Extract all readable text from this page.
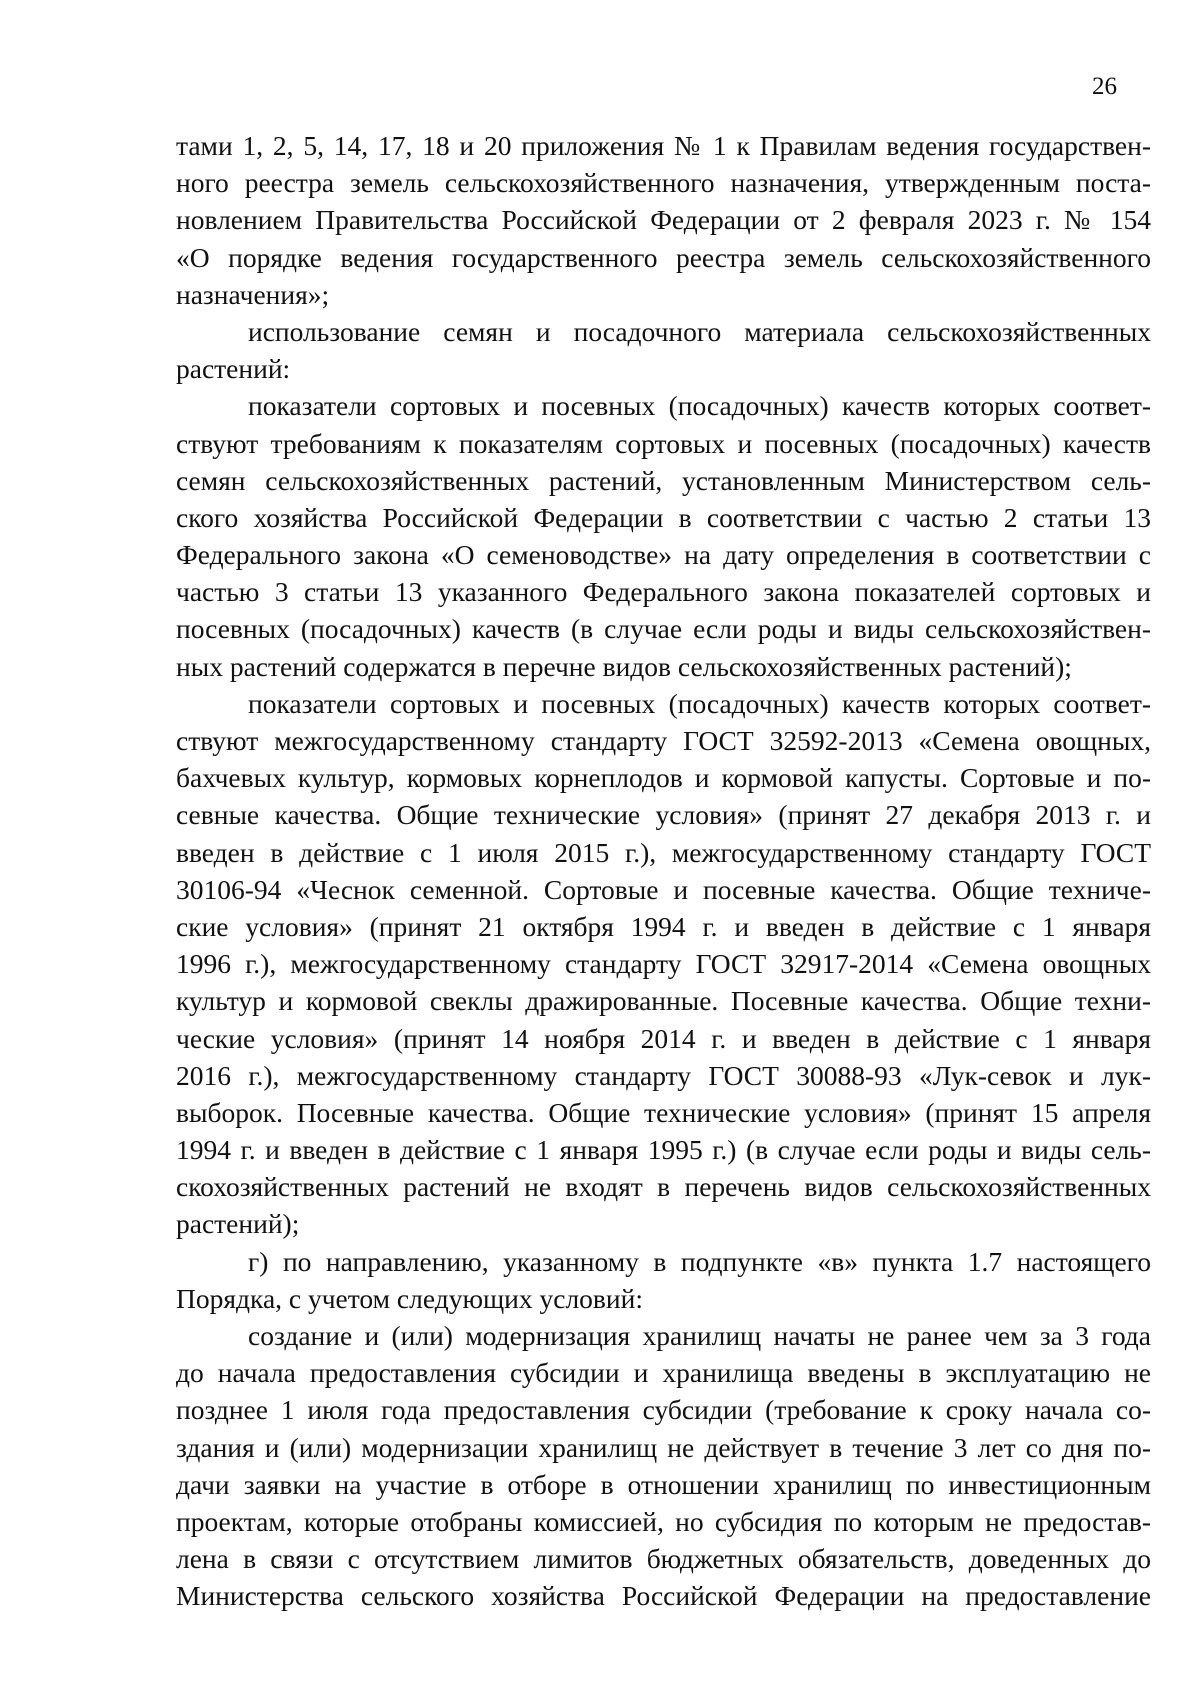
26
тами 1, 2, 5, 14, 17, 18 и 20 приложения № 1 к Правилам ведения государствен-
ного реестра земель сельскохозяйственного назначения, утвержденным поста-
новлением Правительства Российской Федерации от 2 февраля 2023 г. № 154
«О порядке ведения государственного реестра земель сельскохозяйственного
назначения»;
использование семян и посадочного материала сельскохозяйственных
растений:
показатели сортовых и посевных (посадочных) качеств которых соответ-
ствуют требованиям к показателям сортовых и посевных (посадочных) качеств
семян сельскохозяйственных растений, установленным Министерством сель-
ского хозяйства Российской Федерации в соответствии с частью 2 статьи 13
Федерального закона «О семеноводстве» на дату определения в соответствии с
частью 3 статьи 13 указанного Федерального закона показателей сортовых и
посевных (посадочных) качеств (в случае если роды и виды сельскохозяйствен-
ных растений содержатся в перечне видов сельскохозяйственных растений);
показатели сортовых и посевных (посадочных) качеств которых соответ-
ствуют межгосударственному стандарту ГОСТ 32592-2013 «Семена овощных,
бахчевых культур, кормовых корнеплодов и кормовой капусты. Сортовые и по-
севные качества. Общие технические условия» (принят 27 декабря 2013 г. и
введен в действие с 1 июля 2015 г.), межгосударственному стандарту ГОСТ
30106-94 «Чеснок семенной. Сортовые и посевные качества. Общие техниче-
ские условия» (принят 21 октября 1994 г. и введен в действие с 1 января
1996 г.), межгосударственному стандарту ГОСТ 32917-2014 «Семена овощных
культур и кормовой свеклы дражированные. Посевные качества. Общие техни-
ческие условия» (принят 14 ноября 2014 г. и введен в действие с 1 января
2016 г.), межгосударственному стандарту ГОСТ 30088-93 «Лук-севок и лук-
выборок. Посевные качества. Общие технические условия» (принят 15 апреля
1994 г. и введен в действие с 1 января 1995 г.) (в случае если роды и виды сель-
скохозяйственных растений не входят в перечень видов сельскохозяйственных
растений);
г) по направлению, указанному в подпункте «в» пункта 1.7 настоящего
Порядка, с учетом следующих условий:
создание и (или) модернизация хранилищ начаты не ранее чем за 3 года
до начала предоставления субсидии и хранилища введены в эксплуатацию не
позднее 1 июля года предоставления субсидии (требование к сроку начала со-
здания и (или) модернизации хранилищ не действует в течение 3 лет со дня по-
дачи заявки на участие в отборе в отношении хранилищ по инвестиционным
проектам, которые отобраны комиссией, но субсидия по которым не предостав-
лена в связи с отсутствием лимитов бюджетных обязательств, доведенных до
Министерства сельского хозяйства Российской Федерации на предоставление
